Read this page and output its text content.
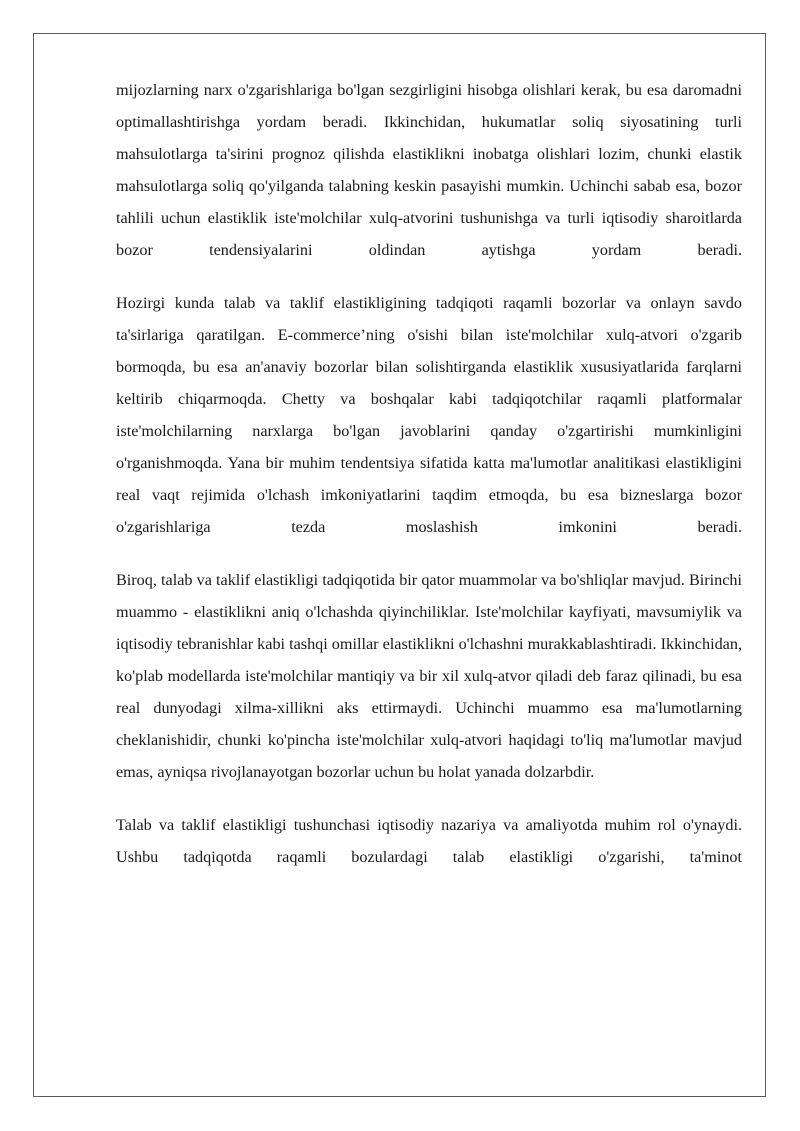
mijozlarning narx o'zgarishlariga bo'lgan sezgirligini hisobga olishlari kerak, bu esa daromadni optimallashtirishga yordam beradi. Ikkinchidan, hukumatlar soliq siyosatining turli mahsulotlarga ta'sirini prognoz qilishda elastiklikni inobatga olishlari lozim, chunki elastik mahsulotlarga soliq qo'yilganda talabning keskin pasayishi mumkin. Uchinchi sabab esa, bozor tahlili uchun elastiklik iste'molchilar xulq-atvorini tushunishga va turli iqtisodiy sharoitlarda bozor tendensiyalarini oldindan aytishga yordam beradi.

Hozirgi kunda talab va taklif elastikligining tadqiqoti raqamli bozorlar va onlayn savdo ta'sirlariga qaratilgan. E-commerce’ning o'sishi bilan iste'molchilar xulq-atvori o'zgarib bormoqda, bu esa an'anaviy bozorlar bilan solishtirganda elastiklik xususiyatlarida farqlarni keltirib chiqarmoqda. Chetty va boshqalar kabi tadqiqotchilar raqamli platformalar iste'molchilarning narxlarga bo'lgan javoblarini qanday o'zgartirishi mumkinligini o'rganishmoqda. Yana bir muhim tendentsiya sifatida katta ma'lumotlar analitikasi elastikligini real vaqt rejimida o'lchash imkoniyatlarini taqdim etmoqda, bu esa bizneslarga bozor o'zgarishlariga tezda moslashish imkonini beradi.

Biroq, talab va taklif elastikligi tadqiqotida bir qator muammolar va bo'shliqlar mavjud. Birinchi muammo - elastiklikni aniq o'lchashda qiyinchiliklar. Iste'molchilar kayfiyati, mavsumiylik va iqtisodiy tebranishlar kabi tashqi omillar elastiklikni o'lchashni murakkablashtiradi. Ikkinchidan, ko'plab modellarda iste'molchilar mantiqiy va bir xil xulq-atvor qiladi deb faraz qilinadi, bu esa real dunyodagi xilma-xillikni aks ettirmaydi. Uchinchi muammo esa ma'lumotlarning cheklanishidir, chunki ko'pincha iste'molchilar xulq-atvori haqidagi to'liq ma'lumotlar mavjud emas, ayniqsa rivojlanayotgan bozorlar uchun bu holat yanada dolzarbdir.

Talab va taklif elastikligi tushunchasi iqtisodiy nazariya va amaliyotda muhim rol o'ynaydi. Ushbu tadqiqotda raqamli bozulardagi talab elastikligi o'zgarishi, ta'minot
